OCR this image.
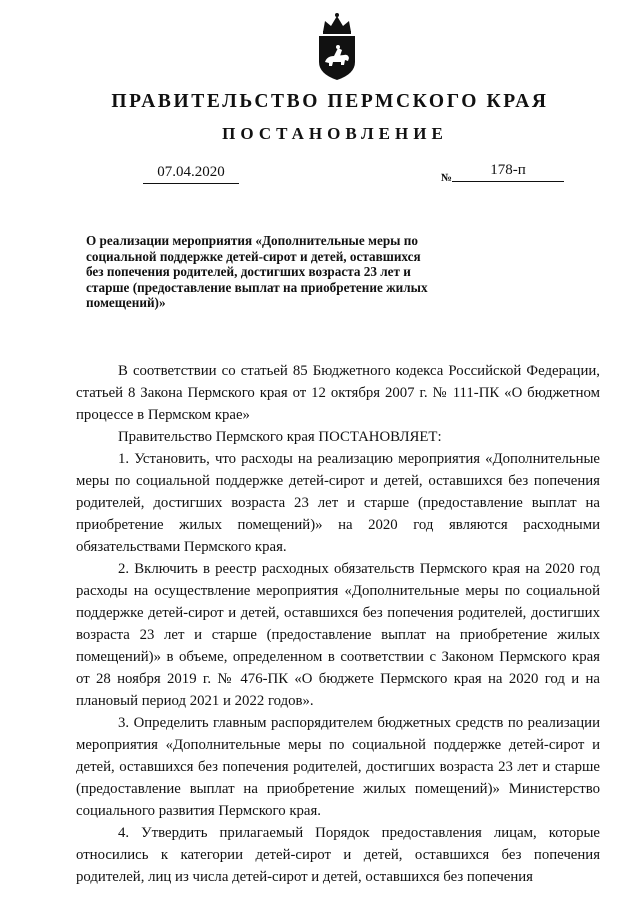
ПРАВИТЕЛЬСТВО ПЕРМСКОГО КРАЯ
ПОСТАНОВЛЕНИЕ
07.04.2020	№	178-п
О реализации мероприятия «Дополнительные меры по социальной поддержке детей-сирот и детей, оставшихся без попечения родителей, достигших возраста 23 лет и старше (предоставление выплат на приобретение жилых помещений)»

В соответствии со статьей 85 Бюджетного кодекса Российской Федерации, статьей 8 Закона Пермского края от 12 октября 2007 г. № 111-ПК «О бюджетном процессе в Пермском крае»

Правительство Пермского края ПОСТАНОВЛЯЕТ:

1. Установить, что расходы на реализацию мероприятия «Дополнительные меры по социальной поддержке детей-сирот и детей, оставшихся без попечения родителей, достигших возраста 23 лет и старше (предоставление выплат на приобретение жилых помещений)» на 2020 год являются расходными обязательствами Пермского края.

2. Включить в реестр расходных обязательств Пермского края на 2020 год расходы на осуществление мероприятия «Дополнительные меры по социальной поддержке детей-сирот и детей, оставшихся без попечения родителей, достигших возраста 23 лет и старше (предоставление выплат на приобретение жилых помещений)» в объеме, определенном в соответствии с Законом Пермского края от 28 ноября 2019 г. № 476-ПК «О бюджете Пермского края на 2020 год и на плановый период 2021 и 2022 годов».

3. Определить главным распорядителем бюджетных средств по реализации мероприятия «Дополнительные меры по социальной поддержке детей-сирот и детей, оставшихся без попечения родителей, достигших возраста 23 лет и старше (предоставление выплат на приобретение жилых помещений)» Министерство социального развития Пермского края.

4. Утвердить прилагаемый Порядок предоставления лицам, которые относились к категории детей-сирот и детей, оставшихся без попечения родителей, лиц из числа детей-сирот и детей, оставшихся без попечения
